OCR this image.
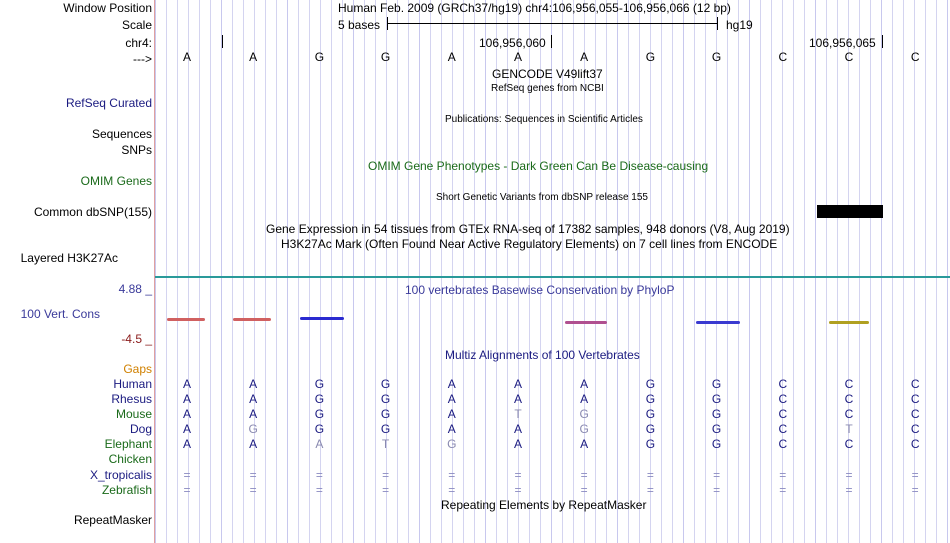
Window Position	Human Feb. 2009 (GRCh37/hg19) chr4:106,956,055-106,956,066 (12 bp)
Scale	5 bases	hg19
chr4:	106,956,060	106,956,065
--->	A	A	G	G	A	A	A	G	G	C	C	C
GENCODE V49lift37
RefSeq genes from NCBI
RefSeq Curated
Publications: Sequences in Scientific Articles
Sequences
SNPs
OMIM Gene Phenotypes - Dark Green Can Be Disease-causing
OMIM Genes
Short Genetic Variants from dbSNP release 155
Common dbSNP(155)
Gene Expression in 54 tissues from GTEx RNA-seq of 17382 samples, 948 donors (V8, Aug 2019)
H3K27Ac Mark (Often Found Near Active Regulatory Elements) on 7 cell lines from ENCODE
Layered H3K27Ac
100 vertebrates Basewise Conservation by PhyloP
4.88 _
100 Vert. Cons
-4.5 _
Multiz Alignments of 100 Vertebrates
Gaps
Human	A	A	G	G	A	A	A	G	G	C	C	C
Rhesus	A	A	G	G	A	A	A	G	G	C	C	C
Mouse	A	A	G	G	A	T	G	G	G	C	C	C
Dog	A	G	G	G	A	A	G	G	G	C	T	C
Elephant	A	A	A	T	G	A	A	G	G	C	C	C
Chicken
X_tropicalis	=	=	=	=	=	=	=	=	=	=	=	=
Zebrafish	=	=	=	=	=	=	=	=	=	=	=	=
Repeating Elements by RepeatMasker
RepeatMasker
